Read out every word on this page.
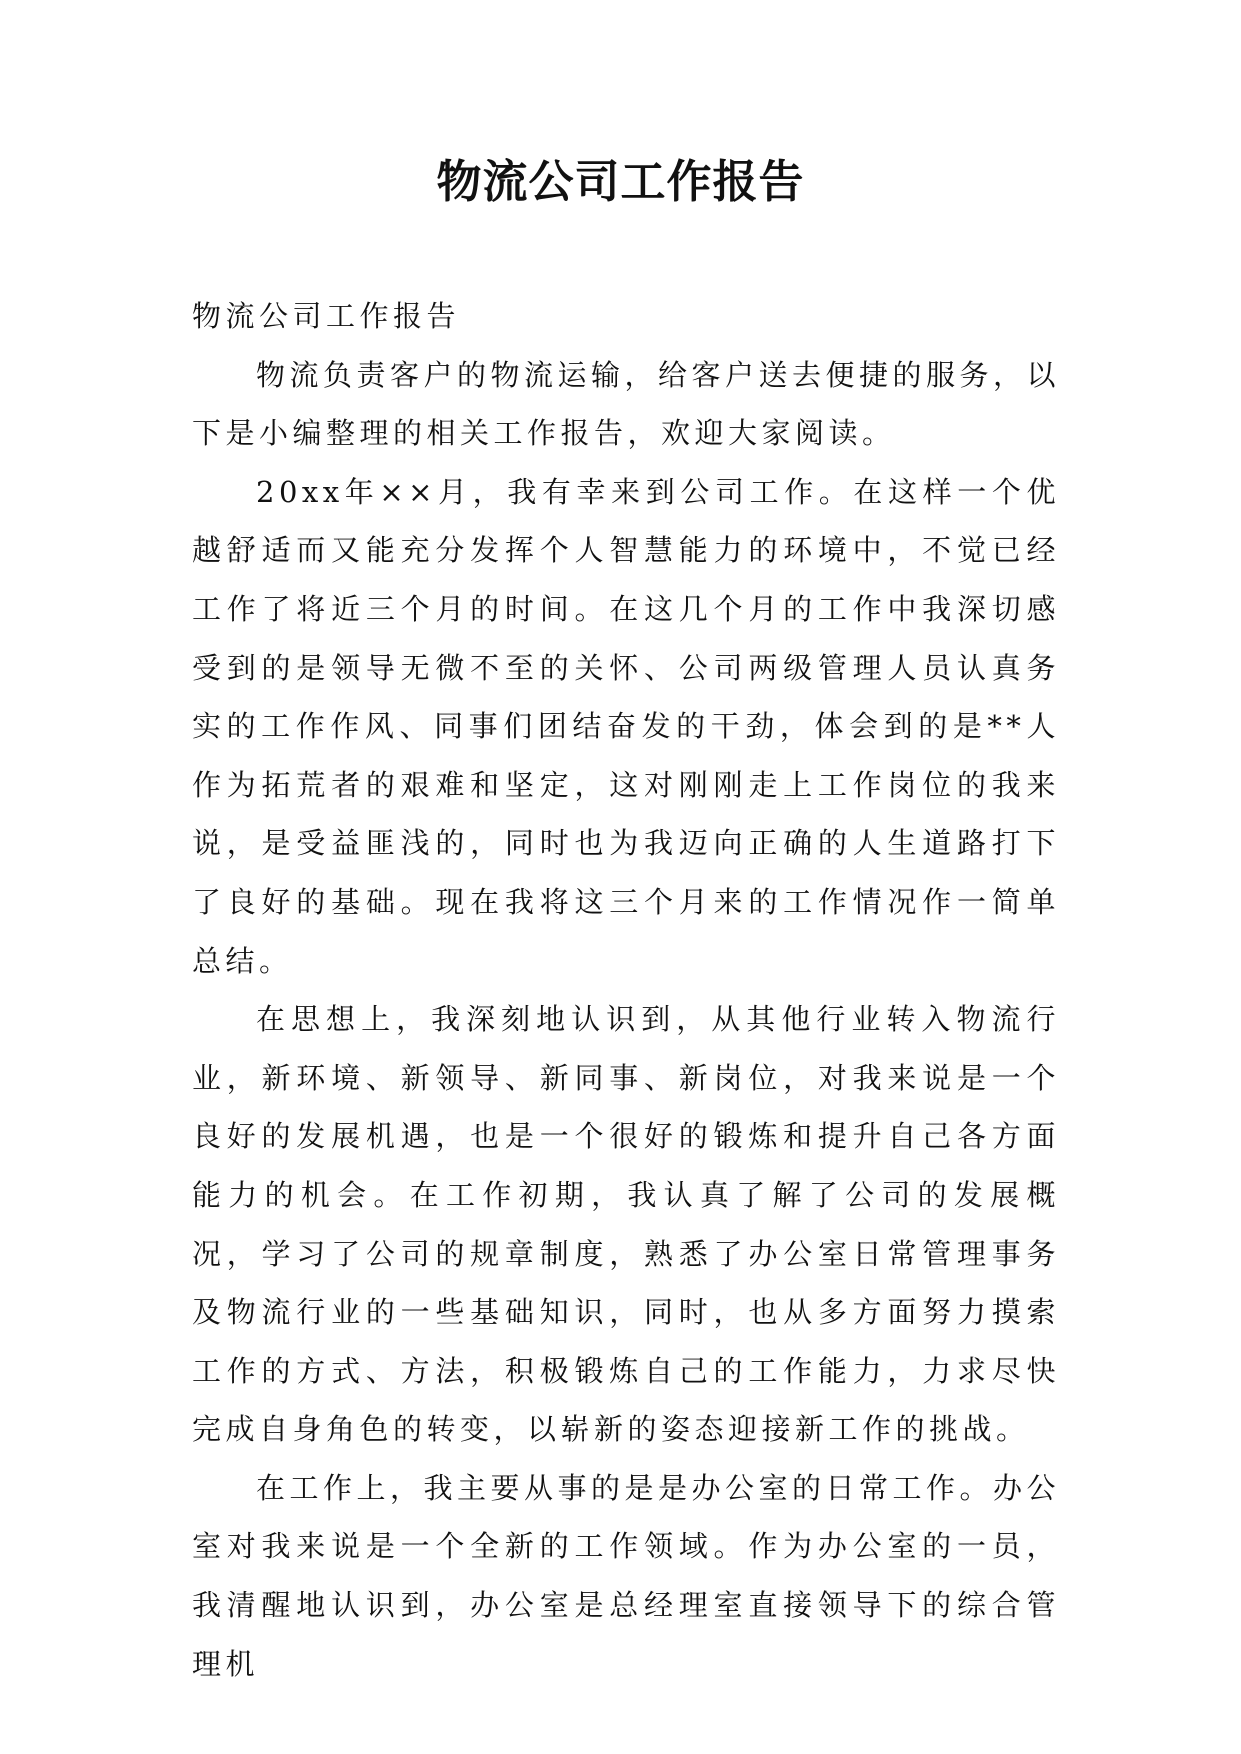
物流公司工作报告

物流公司工作报告

物流负责客户的物流运输，给客户送去便捷的服务，以下是小编整理的相关工作报告，欢迎大家阅读。

20xx年××月，我有幸来到公司工作。在这样一个优越舒适而又能充分发挥个人智慧能力的环境中，不觉已经工作了将近三个月的时间。在这几个月的工作中我深切感受到的是领导无微不至的关怀、公司两级管理人员认真务实的工作作风、同事们团结奋发的干劲，体会到的是**人作为拓荒者的艰难和坚定，这对刚刚走上工作岗位的我来说，是受益匪浅的，同时也为我迈向正确的人生道路打下了良好的基础。现在我将这三个月来的工作情况作一简单总结。

在思想上，我深刻地认识到，从其他行业转入物流行业，新环境、新领导、新同事、新岗位，对我来说是一个良好的发展机遇，也是一个很好的锻炼和提升自己各方面能力的机会。在工作初期，我认真了解了公司的发展概况，学习了公司的规章制度，熟悉了办公室日常管理事务及物流行业的一些基础知识，同时，也从多方面努力摸索工作的方式、方法，积极锻炼自己的工作能力，力求尽快完成自身角色的转变，以崭新的姿态迎接新工作的挑战。

在工作上，我主要从事的是是办公室的日常工作。办公室对我来说是一个全新的工作领域。作为办公室的一员，我清醒地认识到，办公室是总经理室直接领导下的综合管理机
